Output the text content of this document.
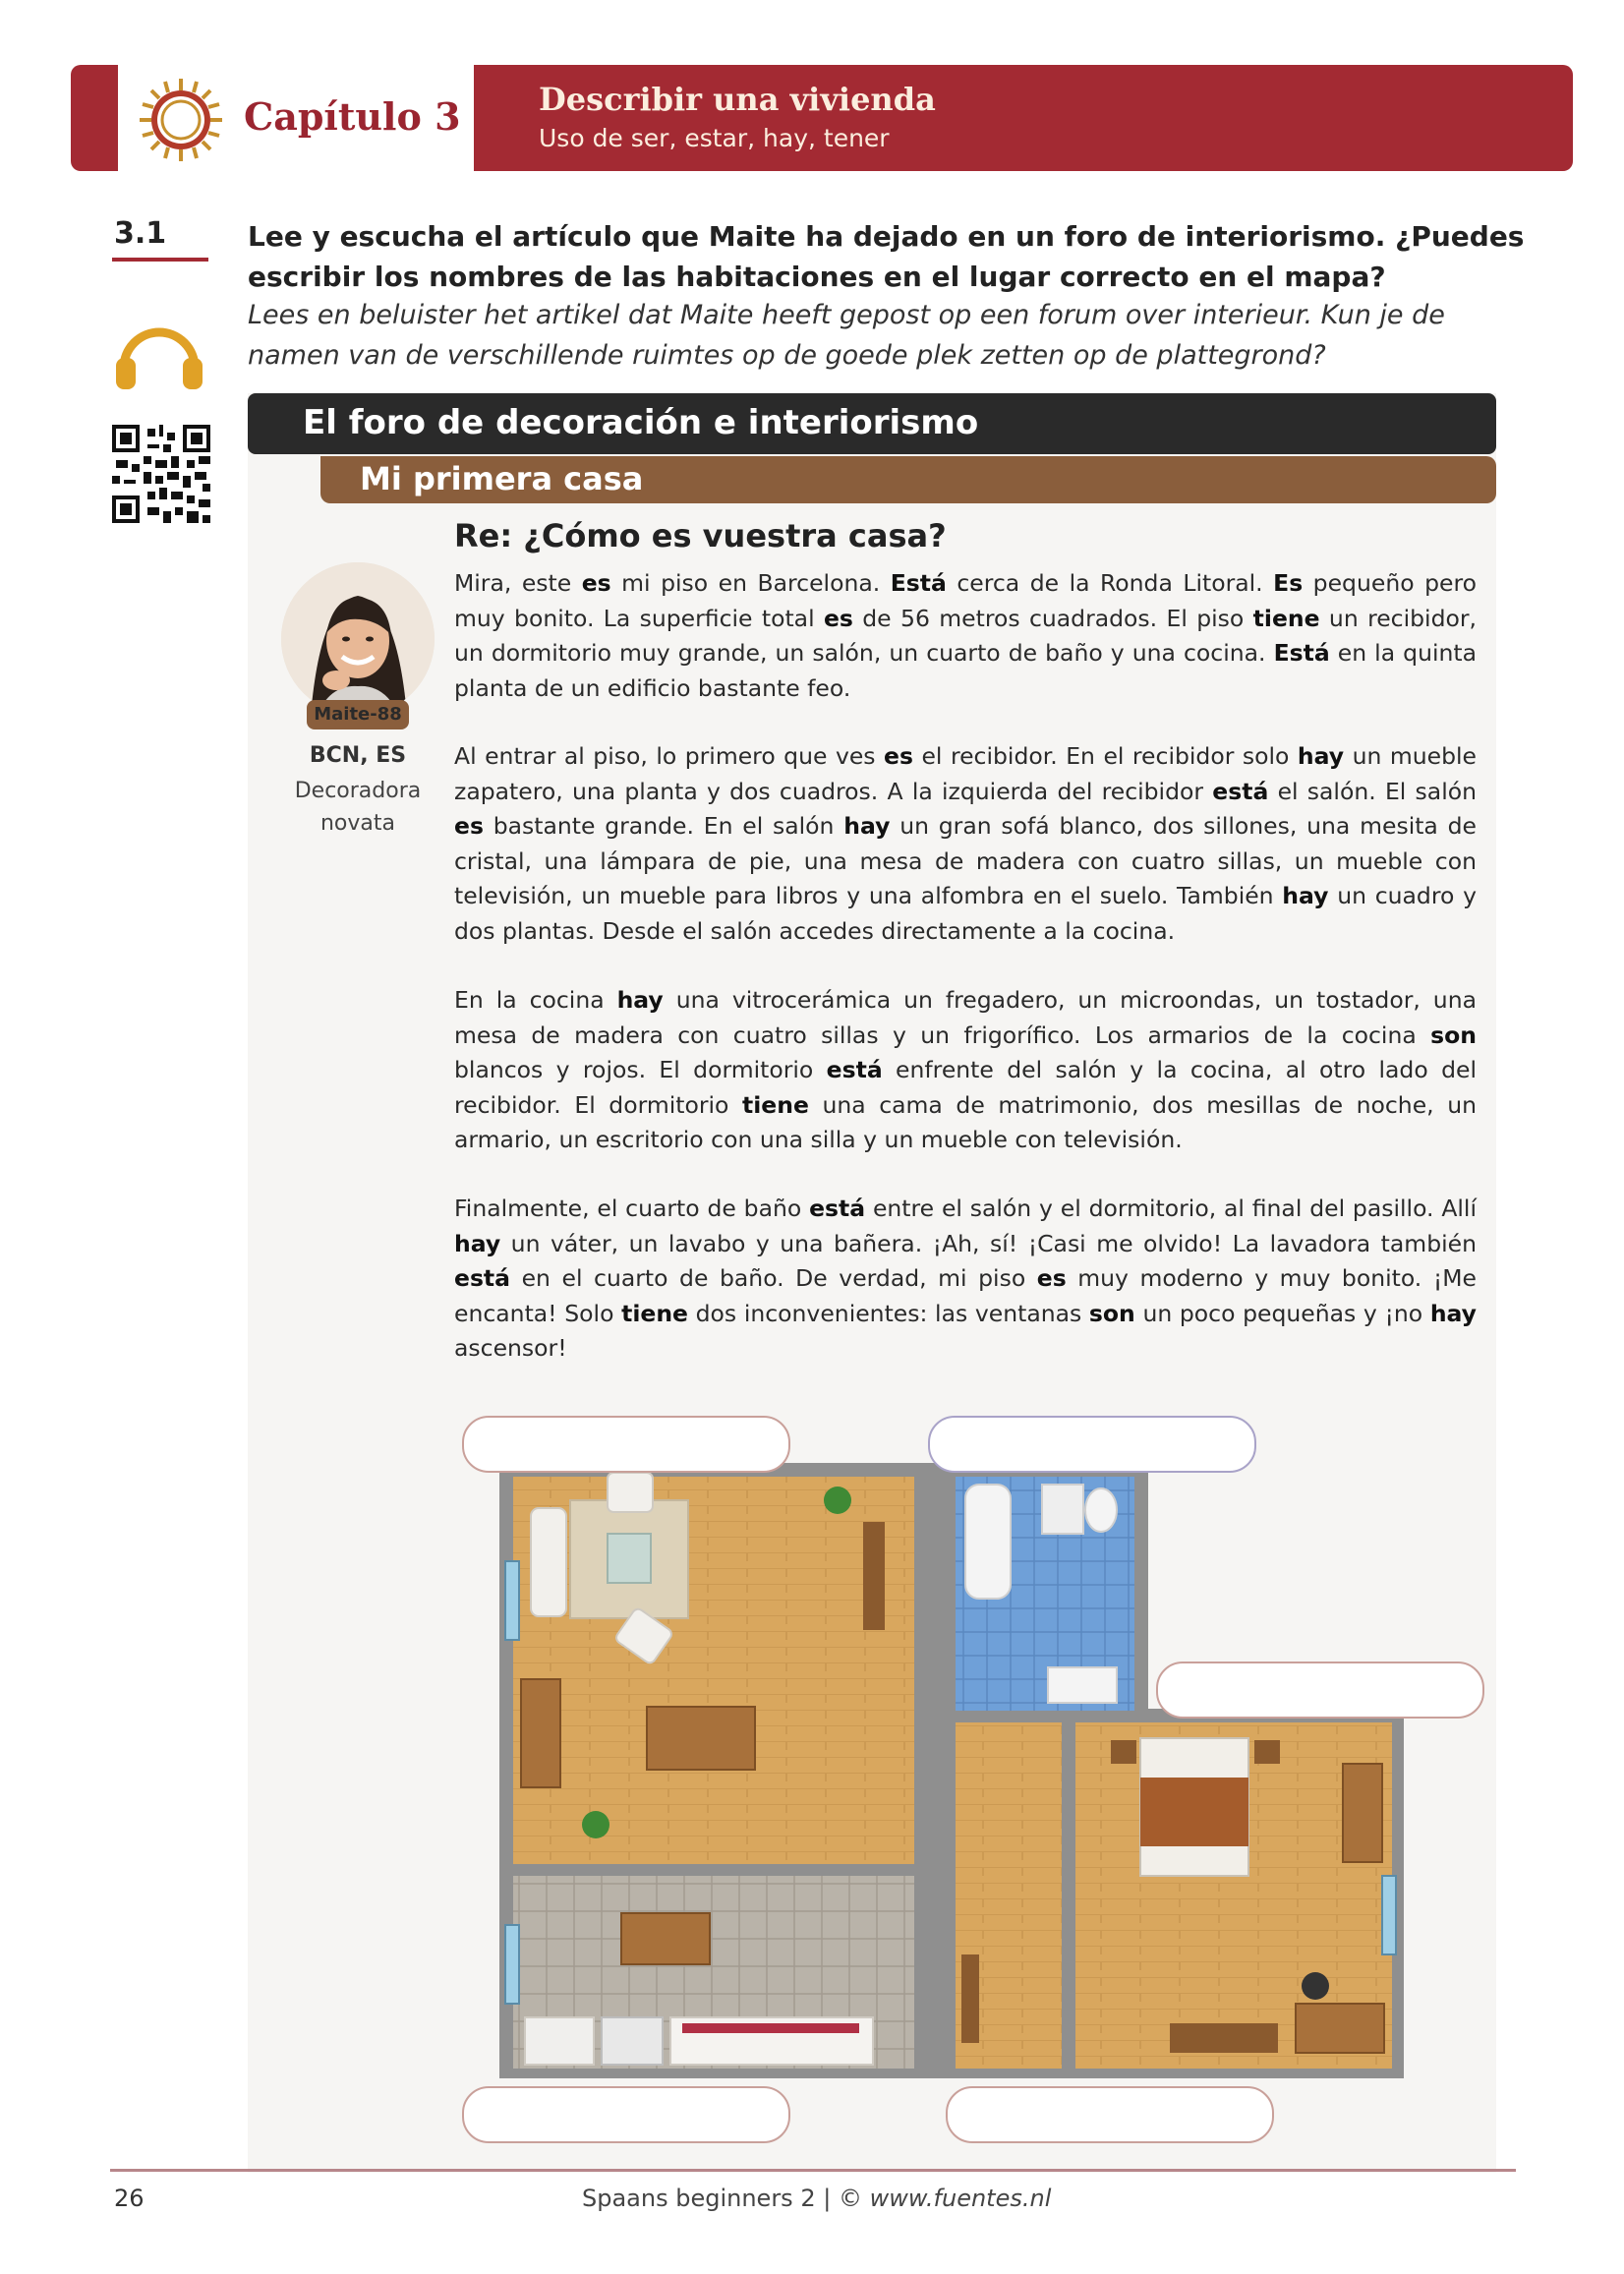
Capítulo 3 Describir una vivienda
Uso de ser, estar, hay, tener
3.1	Lee y escucha el artículo que Maite ha dejado en un foro de interiorismo. ¿Puedes escribir los nombres de las habitaciones en el lugar correcto en el mapa?
Lees en beluister het artikel dat Maite heeft gepost op een forum over interieur. Kun je de namen van de verschillende ruimtes op de goede plek zetten op de plattegrond?
El foro de decoración e interiorismo
Mi primera casa
Re: ¿Cómo es vuestra casa?
Maite-88
BCN, ES
Decoradora
novata
Mira, este es mi piso en Barcelona. Está cerca de la Ronda Litoral. Es pequeño pero muy bonito. La superficie total es de 56 metros cuadrados. El piso tiene un recibidor, un dormitorio muy grande, un salón, un cuarto de baño y una cocina. Está en la quinta planta de un edificio bastante feo.
Al entrar al piso, lo primero que ves es el recibidor. En el recibidor solo hay un mueble zapatero, una planta y dos cuadros. A la izquierda del recibidor está el salón. El salón es bastante grande. En el salón hay un gran sofá blanco, dos sillones, una mesita de cristal, una lámpara de pie, una mesa de madera con cuatro sillas, un mueble con televisión, un mueble para libros y una alfombra en el suelo. También hay un cuadro y dos plantas. Desde el salón accedes directamente a la cocina.
En la cocina hay una vitrocerámica un fregadero, un microondas, un tostador, una mesa de madera con cuatro sillas y un frigorífico. Los armarios de la cocina son blancos y rojos. El dormitorio está enfrente del salón y la cocina, al otro lado del recibidor. El dormitorio tiene una cama de matrimonio, dos mesillas de noche, un armario, un escritorio con una silla y un mueble con televisión.
Finalmente, el cuarto de baño está entre el salón y el dormitorio, al final del pasillo. Allí hay un váter, un lavabo y una bañera. ¡Ah, sí! ¡Casi me olvido! La lavadora también está en el cuarto de baño. De verdad, mi piso es muy moderno y muy bonito. ¡Me encanta! Solo tiene dos inconvenientes: las ventanas son un poco pequeñas y ¡no hay ascensor!
26	Spaans beginners 2 | © www.fuentes.nl
